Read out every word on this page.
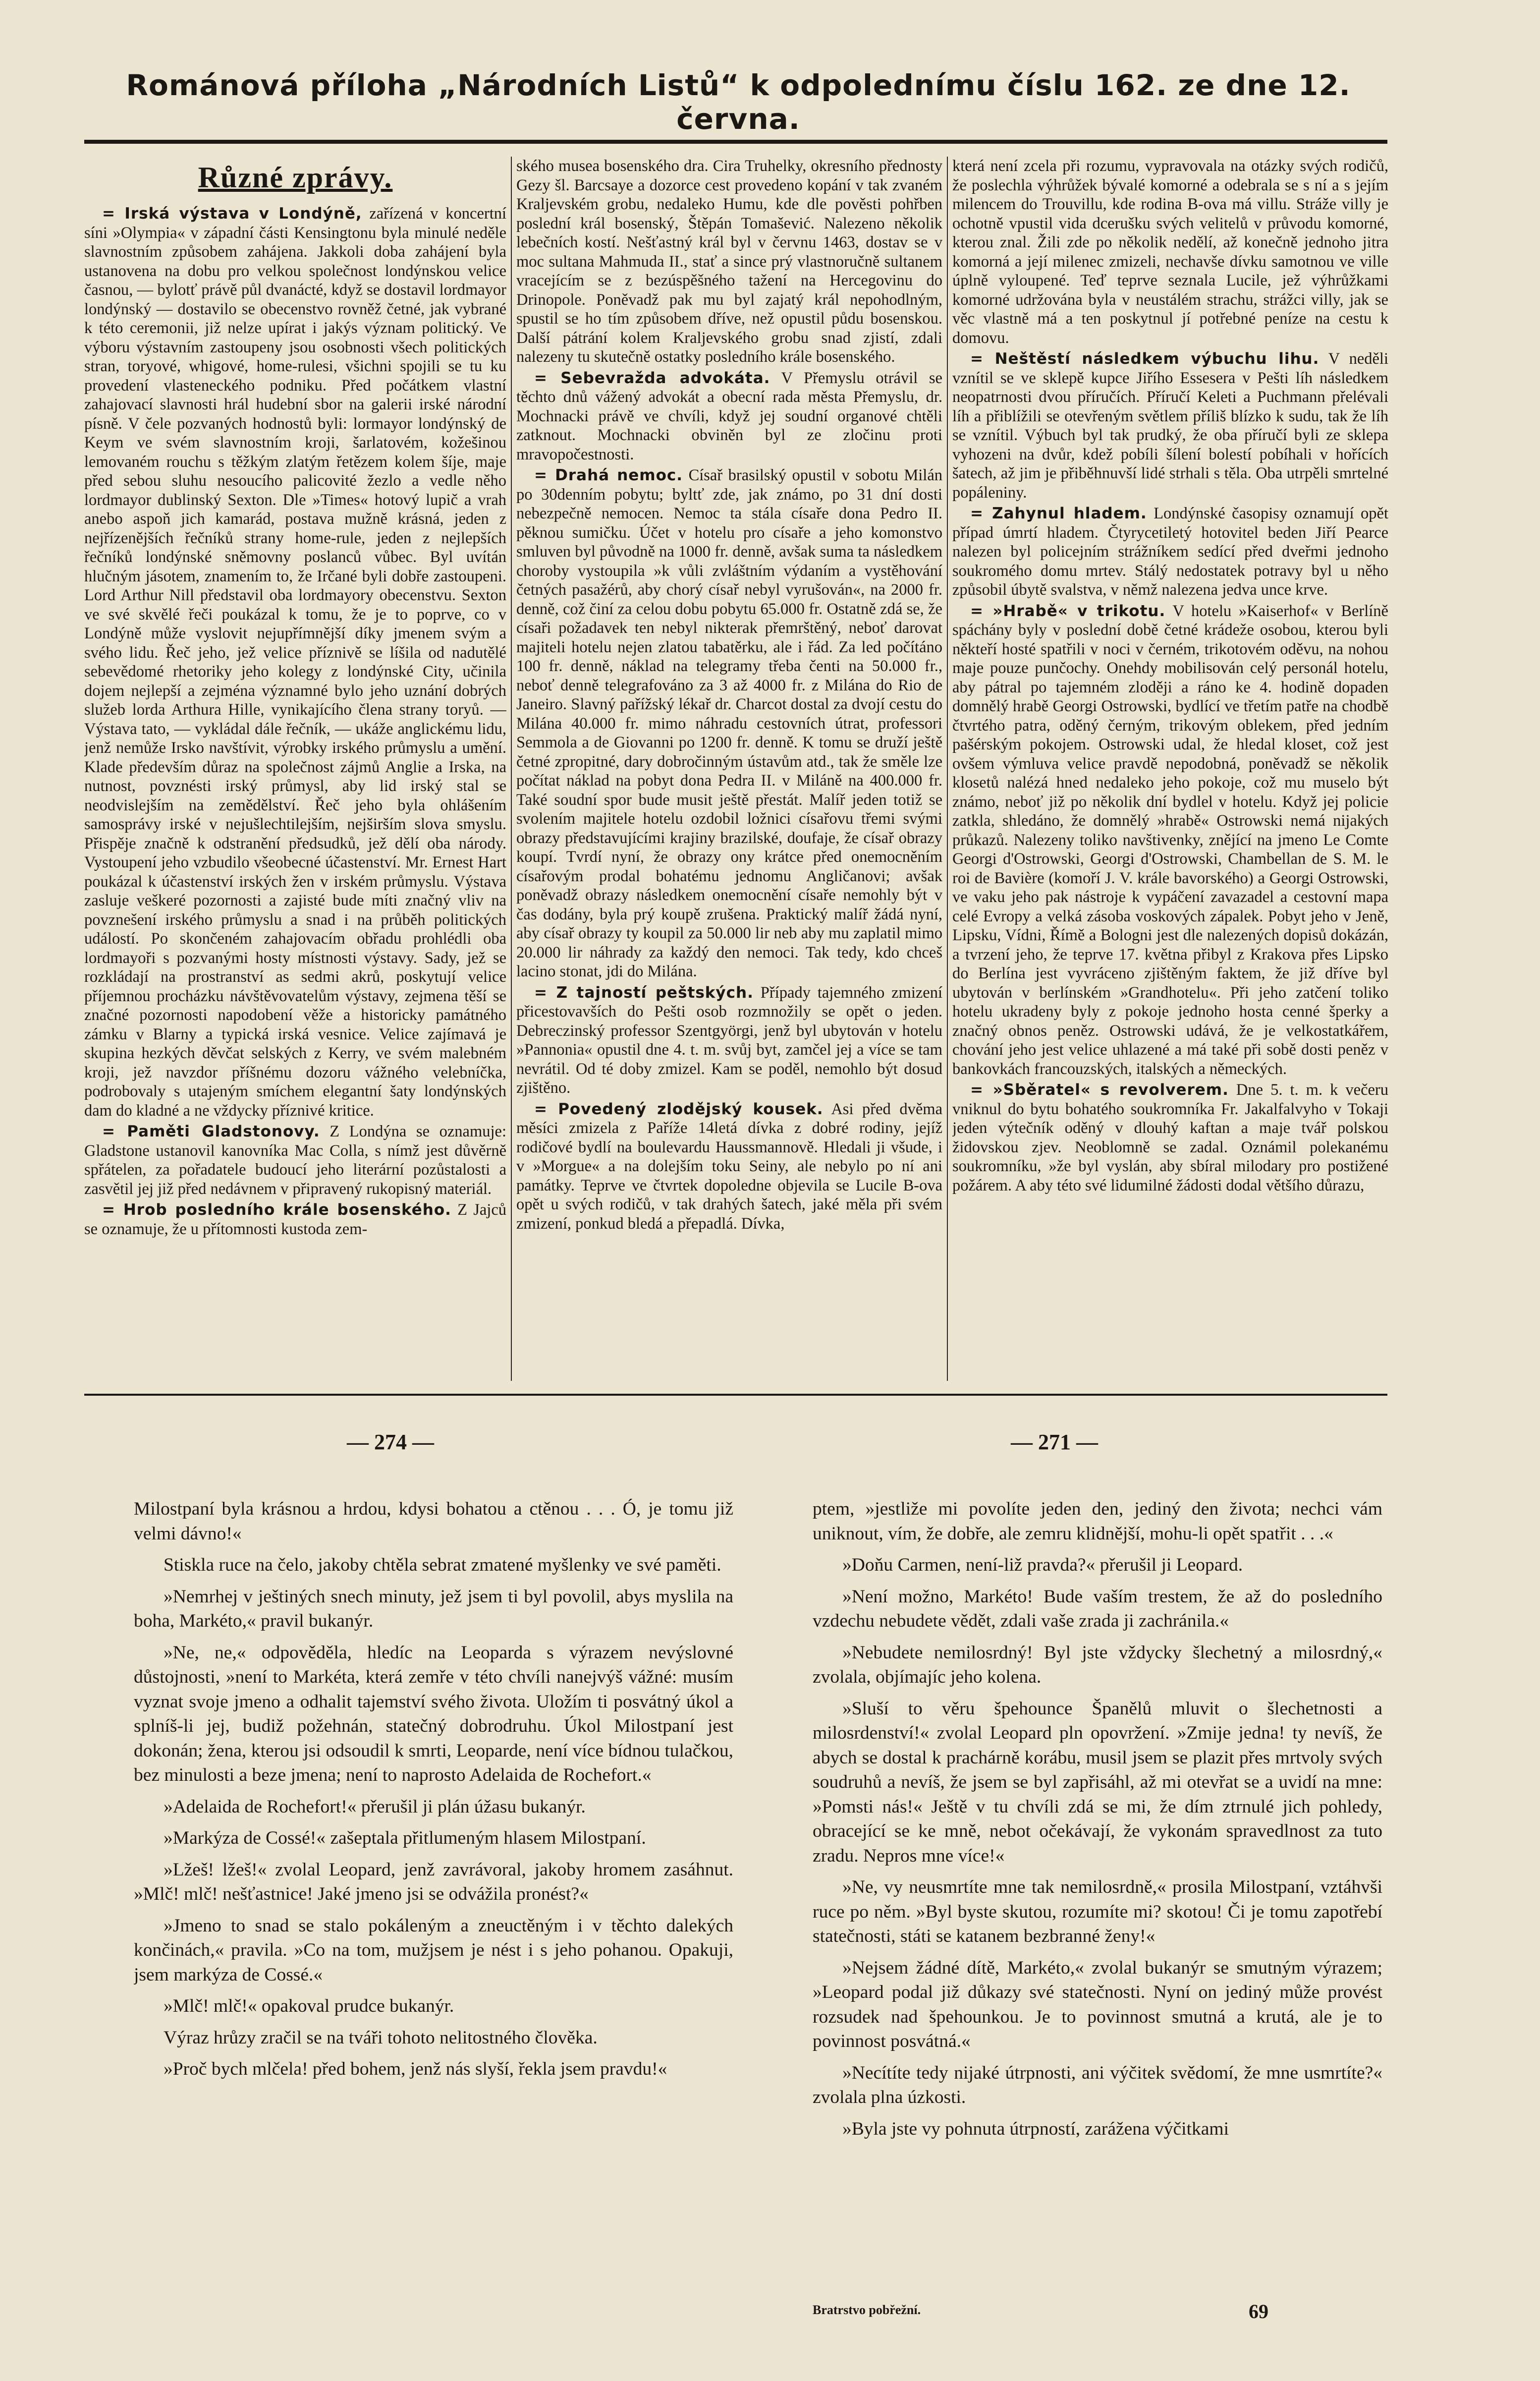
Románová příloha „Národních Listů“ k odpolednímu číslu 162. ze dne 12. června.
Různé zprávy.

= Irská výstava v Londýně, zařízená v koncertní síni »Olympia« v západní části Kensingtonu byla minulé neděle slavnostním způsobem zahájena. Jakkoli doba zahájení byla ustanovena na dobu pro velkou společnost londýnskou velice časnou, — bylotť právě půl dvanácté, když se dostavil lordmayor londýnský — dostavilo se obecenstvo rovněž četné, jak vybrané k této ceremonii, již nelze upírat i jakýs význam politický. Ve výboru výstavním zastoupeny jsou osobnosti všech politických stran, toryové, whigové, home-rulesi, všichni spojili se tu ku provedení vlasteneckého podniku. Před počátkem vlastní zahajovací slavnosti hrál hudební sbor na galerii irské národní písně. V čele pozvaných hodnostů byli: lormayor londýnský de Keym ve svém slavnostním kroji, šarlatovém, kožešinou lemovaném rouchu s těžkým zlatým řetězem kolem šíje, maje před sebou sluhu nesoucího palicovité žezlo a vedle něho lordmayor dublinský Sexton. Dle »Times« hotový lupič a vrah anebo aspoň jich kamarád, postava mužně krásná, jeden z nejřízenějších řečníků strany home-rule, jeden z nejlepších řečníků londýnské sněmovny poslanců vůbec. Byl uvítán hlučným jásotem, znamením to, že Irčané byli dobře zastoupeni. Lord Arthur Nill představil oba lordmayory obecenstvu. Sexton ve své skvělé řeči poukázal k tomu, že je to poprve, co v Londýně může vyslovit nejupřímnější díky jmenem svým a svého lidu. Řeč jeho, jež velice příznivě se líšila od nadutělé sebevědomé rhetoriky jeho kolegy z londýnské City, učinila dojem nejlepší a zejména významné bylo jeho uznání dobrých služeb lorda Arthura Hille, vynikajícího člena strany toryů. — Výstava tato, — vykládal dále řečník, — ukáže anglickému lidu, jenž nemůže Irsko navštívit, výrobky irského průmyslu a umění. Klade především důraz na společnost zájmů Anglie a Irska, na nutnost, povznésti irský průmysl, aby lid irský stal se neodvislejším na zemědělství. Řeč jeho byla ohlášením samosprávy irské v nejušlechtilejším, nejširším slova smyslu. Přispěje značně k odstranění předsudků, jež dělí oba národy. Vystoupení jeho vzbudilo všeobecné účastenství. Mr. Ernest Hart poukázal k účastenství irských žen v irském průmyslu. Výstava zasluje veškeré pozornosti a zajisté bude míti značný vliv na povznešení irského průmyslu a snad i na průběh politických událostí. Po skončeném zahajovacím obřadu prohlédli oba lordmayoři s pozvanými hosty místnosti výstavy. Sady, jež se rozkládají na prostranství as sedmi akrů, poskytují velice příjemnou procházku návštěvovatelům výstavy, zejmena těší se značné pozornosti napodobení věže a historicky památného zámku v Blarny a typická irská vesnice. Velice zajímavá je skupina hezkých děvčat selských z Kerry, ve svém malebném kroji, jež navzdor příšnému dozoru vážného velebníčka, podrobovaly s utajeným smíchem elegantní šaty londýnských dam do kladné a ne vždycky příznivé kritice.

= Paměti Gladstonovy. Z Londýna se oznamuje: Gladstone ustanovil kanovníka Mac Colla, s nímž jest důvěrně spřátelen, za pořadatele budoucí jeho literární pozůstalosti a zasvětil jej již před nedávnem v připravený rukopisný materiál.

= Hrob posledního krále bosenského. Z Jajců se oznamuje, že u přítomnosti kustoda zem-

ského musea bosenského dra. Cira Truhelky, okresního přednosty Gezy šl. Barcsaye a dozorce cest provedeno kopání v tak zvaném Kraljevském grobu, nedaleko Humu, kde dle pověsti pohřben poslední král bosenský, Štěpán Tomašević. Nalezeno několik lebečních kostí. Nešťastný král byl v červnu 1463, dostav se v moc sultana Mahmuda II., stať a since prý vlastnoručně sultanem vracejícím se z bezúspěšného tažení na Hercegovinu do Drinopole. Poněvadž pak mu byl zajatý král nepohodlným, spustil se ho tím způsobem dříve, než opustil půdu bosenskou. Další pátrání kolem Kraljevského grobu snad zjistí, zdali nalezeny tu skutečně ostatky posledního krále bosenského.

= Sebevražda advokáta. V Přemyslu otrávil se těchto dnů vážený advokát a obecní rada města Přemyslu, dr. Mochnacki právě ve chvíli, když jej soudní organové chtěli zatknout. Mochnacki obviněn byl ze zločinu proti mravopočestnosti.

= Drahá nemoc. Císař brasilský opustil v sobotu Milán po 30denním pobytu; byltť zde, jak známo, po 31 dní dosti nebezpečně nemocen. Nemoc ta stála císaře dona Pedro II. pěknou sumičku. Účet v hotelu pro císaře a jeho komonstvo smluven byl původně na 1000 fr. denně, avšak suma ta následkem choroby vystoupila »k vůli zvláštním výdaním a vystěhování četných pasažérů, aby chorý císař nebyl vyrušován«, na 2000 fr. denně, což činí za celou dobu pobytu 65.000 fr. Ostatně zdá se, že císaři požadavek ten nebyl nikterak přemrštěný, neboť darovat majiteli hotelu nejen zlatou tabatěrku, ale i řád. Za led počítáno 100 fr. denně, náklad na telegramy třeba čenti na 50.000 fr., neboť denně telegrafováno za 3 až 4000 fr. z Milána do Rio de Janeiro. Slavný pařížský lékař dr. Charcot dostal za dvojí cestu do Milána 40.000 fr. mimo náhradu cestovních útrat, professori Semmola a de Giovanni po 1200 fr. denně. K tomu se druží ještě četné zpropitné, dary dobročinným ústavům atd., tak že směle lze počítat náklad na pobyt dona Pedra II. v Miláně na 400.000 fr. Také soudní spor bude musit ještě přestát. Malíř jeden totiž se svolením majitele hotelu ozdobil ložnici císařovu třemi svými obrazy představujícími krajiny brazilské, doufaje, že císař obrazy koupí. Tvrdí nyní, že obrazy ony krátce před onemocněním císařovým prodal bohatému jednomu Angličanovi; avšak poněvadž obrazy následkem onemocnění císaře nemohly být v čas dodány, byla prý koupě zrušena. Praktický malíř žádá nyní, aby císař obrazy ty koupil za 50.000 lir neb aby mu zaplatil mimo 20.000 lir náhrady za každý den nemoci. Tak tedy, kdo chceš lacino stonat, jdi do Milána.

= Z tajností peštských. Případy tajemného zmizení přicestovavších do Pešti osob rozmnožily se opět o jeden. Debreczinský professor Szentgyörgi, jenž byl ubytován v hotelu »Pannonia« opustil dne 4. t. m. svůj byt, zamčel jej a více se tam nevrátil. Od té doby zmizel. Kam se poděl, nemohlo být dosud zjištěno.

= Povedený zlodějský kousek. Asi před dvěma měsíci zmizela z Paříže 14letá dívka z dobré rodiny, jejíž rodičové bydlí na boulevardu Haussmannově. Hledali ji všude, i v »Morgue« a na dolejším toku Seiny, ale nebylo po ní ani památky. Teprve ve čtvrtek dopoledne objevila se Lucile B-ova opět u svých rodičů, v tak drahých šatech, jaké měla při svém zmizení, ponkud bledá a přepadlá. Dívka,

která není zcela při rozumu, vypravovala na otázky svých rodičů, že poslechla výhrůžek bývalé komorné a odebrala se s ní a s jejím milencem do Trouvillu, kde rodina B-ova má villu. Stráže villy je ochotně vpustil vida dcerušku svých velitelů v průvodu komorné, kterou znal. Žili zde po několik nedělí, až konečně jednoho jitra komorná a její milenec zmizeli, nechavše dívku samotnou ve ville úplně vyloupené. Teď teprve seznala Lucile, jež výhrůžkami komorné udržována byla v neustálém strachu, strážci villy, jak se věc vlastně má a ten poskytnul jí potřebné peníze na cestu k domovu.

= Neštěstí následkem výbuchu lihu. V neděli vznítil se ve sklepě kupce Jiřího Essesera v Pešti líh následkem neopatrnosti dvou příručích. Příručí Keleti a Puchmann přelévali líh a přiblížili se otevřeným světlem příliš blízko k sudu, tak že líh se vznítil. Výbuch byl tak prudký, že oba příručí byli ze sklepa vyhozeni na dvůr, kdež pobíli šílení bolestí pobíhali v hořících šatech, až jim je přiběhnuvší lidé strhali s těla. Oba utrpěli smrtelné popáleniny.

= Zahynul hladem. Londýnské časopisy oznamují opět případ úmrtí hladem. Čtyrycetiletý hotovitel beden Jiří Pearce nalezen byl policejním strážníkem sedící před dveřmi jednoho soukromého domu mrtev. Stálý nedostatek potravy byl u něho způsobil úbytě svalstva, v němž nalezena jedva unce krve.

= »Hrabě« v trikotu. V hotelu »Kaiserhof« v Berlíně spáchány byly v poslední době četné krádeže osobou, kterou byli někteří hosté spatřili v noci v černém, trikotovém oděvu, na nohou maje pouze punčochy. Onehdy mobilisován celý personál hotelu, aby pátral po tajemném zloději a ráno ke 4. hodině dopaden domnělý hrabě Georgi Ostrowski, bydlící ve třetím patře na chodbě čtvrtého patra, oděný černým, trikovým oblekem, před jedním pašérským pokojem. Ostrowski udal, že hledal kloset, což jest ovšem výmluva velice pravdě nepodobná, poněvadž se několik klosetů nalézá hned nedaleko jeho pokoje, což mu muselo být známo, neboť již po několik dní bydlel v hotelu. Když jej policie zatkla, shledáno, že domnělý »hrabě« Ostrowski nemá nijakých průkazů. Nalezeny toliko navštivenky, znějící na jmeno Le Comte Georgi d'Ostrowski, Georgi d'Ostrowski, Chambellan de S. M. le roi de Bavière (komoří J. V. krále bavorského) a Georgi Ostrowski, ve vaku jeho pak nástroje k vypáčení zavazadel a cestovní mapa celé Evropy a velká zásoba voskových zápalek. Pobyt jeho v Jeně, Lipsku, Vídni, Římě a Bologni jest dle nalezených dopisů dokázán, a tvrzení jeho, že teprve 17. května přibyl z Krakova přes Lipsko do Berlína jest vyvráceno zjištěným faktem, že již dříve byl ubytován v berlínském »Grandhotelu«. Při jeho zatčení toliko hotelu ukradeny byly z pokoje jednoho hosta cenné šperky a značný obnos peněz. Ostrowski udává, že je velkostatkářem, chování jeho jest velice uhlazené a má také při sobě dosti peněz v bankovkách francouzských, italských a německých.

= »Sběratel« s revolverem. Dne 5. t. m. k večeru vniknul do bytu bohatého soukromníka Fr. Jakalfalvyho v Tokaji jeden výtečník oděný v dlouhý kaftan a maje tvář polskou židovskou zjev. Neoblomně se zadal. Oznámil polekanému soukromníku, »že byl vyslán, aby sbíral milodary pro postižené požárem. A aby této své lidumilné žádosti dodal většího důrazu,

— 274 —	— 271 —

Milostpaní byla krásnou a hrdou, kdysi bohatou a ctěnou . . . Ó, je tomu již velmi dávno!«

Stiskla ruce na čelo, jakoby chtěla sebrat zmatené myšlenky ve své paměti.

»Nemrhej v ještiných snech minuty, jež jsem ti byl povolil, abys myslila na boha, Markéto,« pravil bukanýr.

»Ne, ne,« odpověděla, hledíc na Leoparda s výrazem nevýslovné důstojnosti, »není to Markéta, která zemře v této chvíli nanejvýš vážné: musím vyznat svoje jmeno a odhalit tajemství svého života. Uložím ti posvátný úkol a splníš-li jej, budiž požehnán, statečný dobrodruhu. Úkol Milostpaní jest dokonán; žena, kterou jsi odsoudil k smrti, Leoparde, není více bídnou tulačkou, bez minulosti a beze jmena; není to naprosto Adelaida de Rochefort.«

»Adelaida de Rochefort!« přerušil ji plán úžasu bukanýr.

»Markýza de Cossé!« zašeptala přitlumeným hlasem Milostpaní.

»Lžeš! lžeš!« zvolal Leopard, jenž zavrávoral, jakoby hromem zasáhnut. »Mlč! mlč! nešťastnice! Jaké jmeno jsi se odvážila pronést?«

»Jmeno to snad se stalo pokáleným a zneuctěným i v těchto dalekých končinách,« pravila. »Co na tom, mužjsem je nést i s jeho pohanou. Opakuji, jsem markýza de Cossé.«

»Mlč! mlč!« opakoval prudce bukanýr.

Výraz hrůzy zračil se na tváři tohoto nelitostného člověka.

»Proč bych mlčela! před bohem, jenž nás slyší, řekla jsem pravdu!«

ptem, »jestliže mi povolíte jeden den, jediný den života; nechci vám uniknout, vím, že dobře, ale zemru klidnější, mohu-li opět spatřit . . .«

»Doňu Carmen, není-liž pravda?« přerušil ji Leopard.

»Není možno, Markéto! Bude vaším trestem, že až do posledního vzdechu nebudete vědět, zdali vaše zrada ji zachránila.«

»Nebudete nemilosrdný! Byl jste vždycky šlechetný a milosrdný,« zvolala, objímajíc jeho kolena.

»Sluší to věru špehounce Španělů mluvit o šlechetnosti a milosrdenství!« zvolal Leopard pln opovržení. »Zmije jedna! ty nevíš, že abych se dostal k prachárně korábu, musil jsem se plazit přes mrtvoly svých soudruhů a nevíš, že jsem se byl zapřisáhl, až mi otevřat se a uvidí na mne: »Pomsti nás!« Ještě v tu chvíli zdá se mi, že dím ztrnulé jich pohledy, obracející se ke mně, nebot očekávají, že vykonám spravedlnost za tuto zradu. Nepros mne více!«

»Ne, vy neusmrtíte mne tak nemilosrdně,« prosila Milostpaní, vztáhvši ruce po něm. »Byl byste skutou, rozumíte mi? skotou! Či je tomu zapotřebí statečnosti, státi se katanem bezbranné ženy!«

»Nejsem žádné dítě, Markéto,« zvolal bukanýr se smutným výrazem; »Leopard podal již důkazy své statečnosti. Nyní on jediný může provést rozsudek nad špehounkou. Je to povinnost smutná a krutá, ale je to povinnost posvátná.«

»Necítíte tedy nijaké útrpnosti, ani výčitek svědomí, že mne usmrtíte?« zvolala plna úzkosti.

»Byla jste vy pohnuta útrpností, zarážena výčitkami

Bratrstvo pobřežní.	69
